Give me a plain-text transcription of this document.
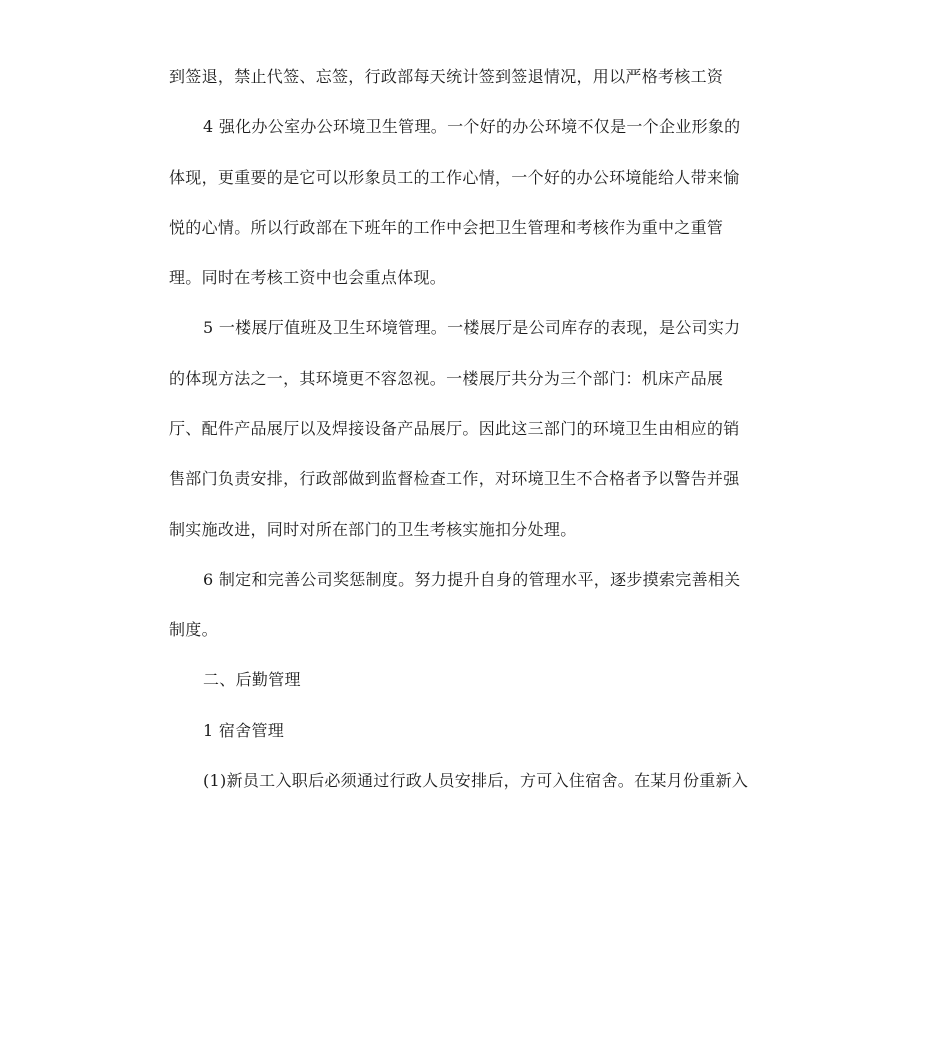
到签退，禁止代签、忘签，行政部每天统计签到签退情况，用以严格考核工资
4 强化办公室办公环境卫生管理。一个好的办公环境不仅是一个企业形象的
体现，更重要的是它可以形象员工的工作心情，一个好的办公环境能给人带来愉
悦的心情。所以行政部在下班年的工作中会把卫生管理和考核作为重中之重管
理。同时在考核工资中也会重点体现。
5 一楼展厅值班及卫生环境管理。一楼展厅是公司库存的表现，是公司实力
的体现方法之一，其环境更不容忽视。一楼展厅共分为三个部门：机床产品展
厅、配件产品展厅以及焊接设备产品展厅。因此这三部门的环境卫生由相应的销
售部门负责安排，行政部做到监督检查工作，对环境卫生不合格者予以警告并强
制实施改进，同时对所在部门的卫生考核实施扣分处理。
6 制定和完善公司奖惩制度。努力提升自身的管理水平，逐步摸索完善相关
制度。
二、后勤管理
1 宿舍管理
(1)新员工入职后必须通过行政人员安排后，方可入住宿舍。在某月份重新入
